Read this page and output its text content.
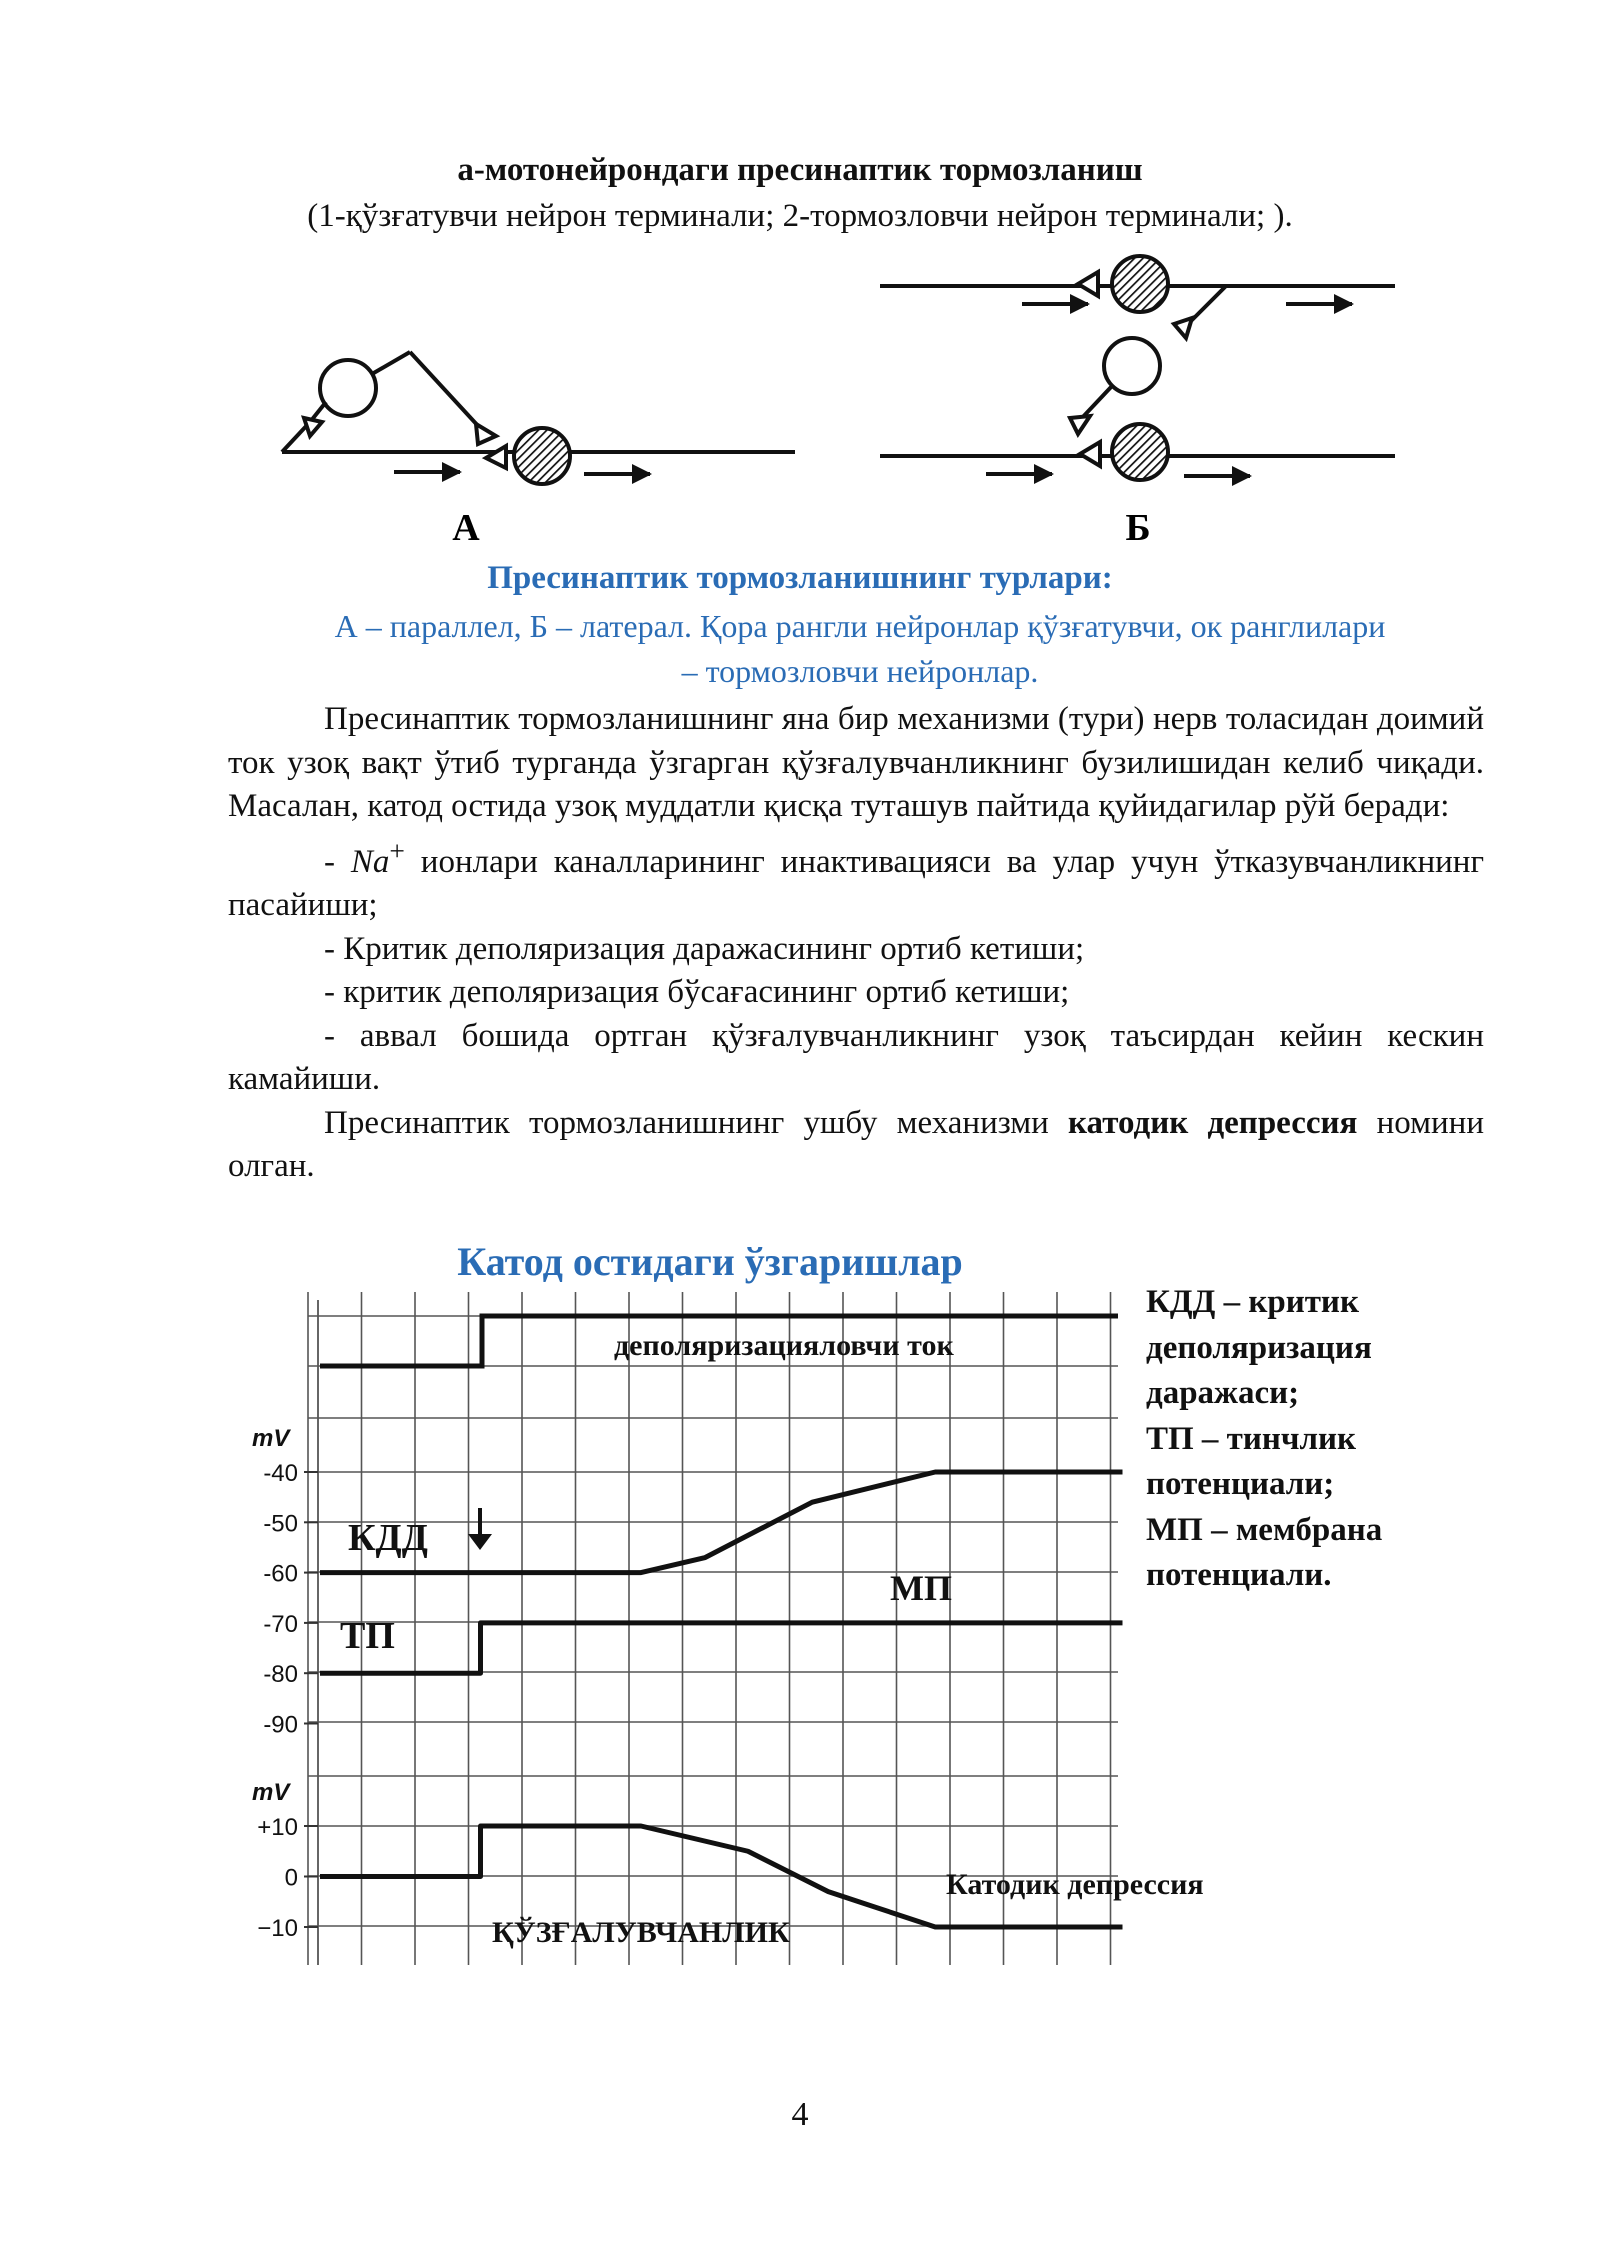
а-мотонейрондаги пресинаптик тормозланиш
(1-қўзғатувчи нейрон терминали; 2-тормозловчи нейрон терминали; ).
А	Б
Пресинаптик тормозланишнинг турлари:
А – параллел, Б – латерал. Қора рангли нейронлар қўзғатувчи, ок ранглилари
– тормозловчи нейронлар.

Пресинаптик тормозланишнинг яна бир механизми (тури) нерв толасидан доимий ток узоқ вақт ўтиб турганда ўзгарган қўзғалувчанликнинг бузилишидан келиб чиқади. Масалан, катод остида узоқ муддатли қисқа туташув пайтида қуйидагилар рўй беради:

- Na+ ионлари каналларининг инактивацияси ва улар учун ўтказувчанликнинг пасайиши;

- Критик деполяризация даражасининг ортиб кетиши;

- критик деполяризация бўсағасининг ортиб кетиши;

- аввал бошида ортган қўзғалувчанликнинг узоқ таъсирдан кейин кескин камайиши.

Пресинаптик тормозланишнинг ушбу механизми катодик депрессия номини олган.

Катод остидаги ўзгаришлар
-40
-50
-60
-70
-80
-90
+10
0
−10
mV
mV
деполяризацияловчи ток
КДД
ТП
МП
ҚЎЗҒАЛУВЧАНЛИК
Катодик депрессия
КДД – критик
деполяризация
даражаси;
ТП – тинчлик
потенциали;
МП – мембрана
потенциали.
4
